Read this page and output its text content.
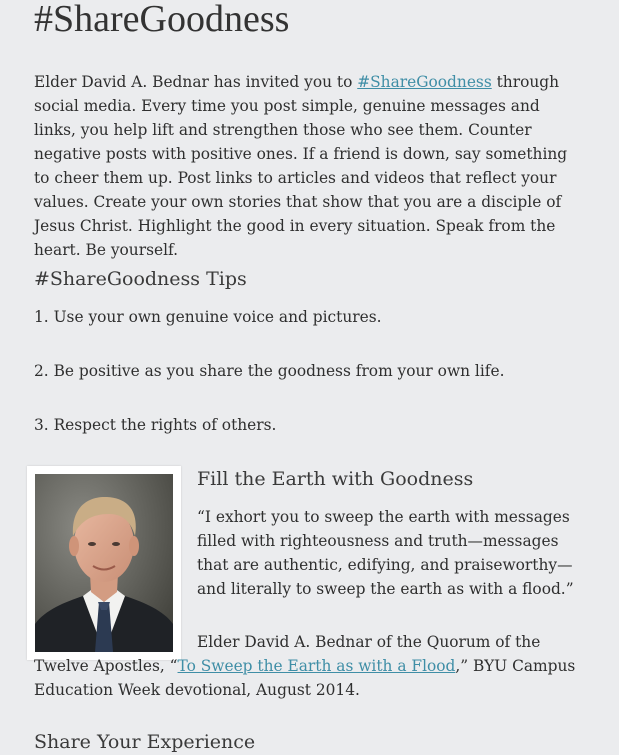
#ShareGoodness

Elder David A. Bednar has invited you to #ShareGoodness through social media. Every time you post simple, genuine messages and links, you help lift and strengthen those who see them. Counter negative posts with positive ones. If a friend is down, say something to cheer them up. Post links to articles and videos that reflect your values. Create your own stories that show that you are a disciple of Jesus Christ. Highlight the good in every situation. Speak from the heart. Be yourself.

#ShareGoodness Tips

1. Use your own genuine voice and pictures.

2. Be positive as you share the goodness from your own life.

3. Respect the rights of others.

Fill the Earth with Goodness

“I exhort you to sweep the earth with messages filled with righteousness and truth—messages that are authentic, edifying, and praiseworthy—and literally to sweep the earth as with a flood.”

Elder David A. Bednar of the Quorum of the Twelve Apostles, “To Sweep the Earth as with a Flood,” BYU Campus Education Week devotional, August 2014.

Share Your Experience
